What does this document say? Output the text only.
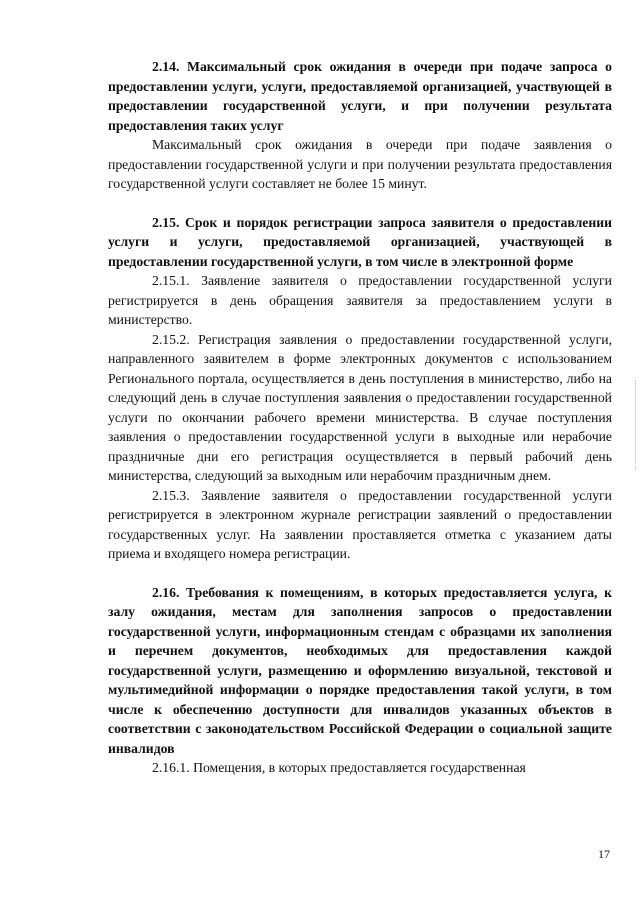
2.14. Максимальный срок ожидания в очереди при подаче запроса о предоставлении услуги, услуги, предоставляемой организацией, участвующей в предоставлении государственной услуги, и при получении результата предоставления таких услуг

Максимальный срок ожидания в очереди при подаче заявления о предоставлении государственной услуги и при получении результата предоставления государственной услуги составляет не более 15 минут.

2.15. Срок и порядок регистрации запроса заявителя о предоставлении услуги и услуги, предоставляемой организацией, участвующей в предоставлении государственной услуги, в том числе в электронной форме

2.15.1. Заявление заявителя о предоставлении государственной услуги регистрируется в день обращения заявителя за предоставлением услуги в министерство.

2.15.2. Регистрация заявления о предоставлении государственной услуги, направленного заявителем в форме электронных документов с использованием Регионального портала, осуществляется в день поступления в министерство, либо на следующий день в случае поступления заявления о предоставлении государственной услуги по окончании рабочего времени министерства. В случае поступления заявления о предоставлении государственной услуги в выходные или нерабочие праздничные дни его регистрация осуществляется в первый рабочий день министерства, следующий за выходным или нерабочим праздничным днем.

2.15.3. Заявление заявителя о предоставлении государственной услуги регистрируется в электронном журнале регистрации заявлений о предоставлении государственных услуг. На заявлении проставляется отметка с указанием даты приема и входящего номера регистрации.

2.16. Требования к помещениям, в которых предоставляется услуга, к залу ожидания, местам для заполнения запросов о предоставлении государственной услуги, информационным стендам с образцами их заполнения и перечнем документов, необходимых для предоставления каждой государственной услуги, размещению и оформлению визуальной, текстовой и мультимедийной информации о порядке предоставления такой услуги, в том числе к обеспечению доступности для инвалидов указанных объектов в соответствии с законодательством Российской Федерации о социальной защите инвалидов

2.16.1. Помещения, в которых предоставляется государственная

17
